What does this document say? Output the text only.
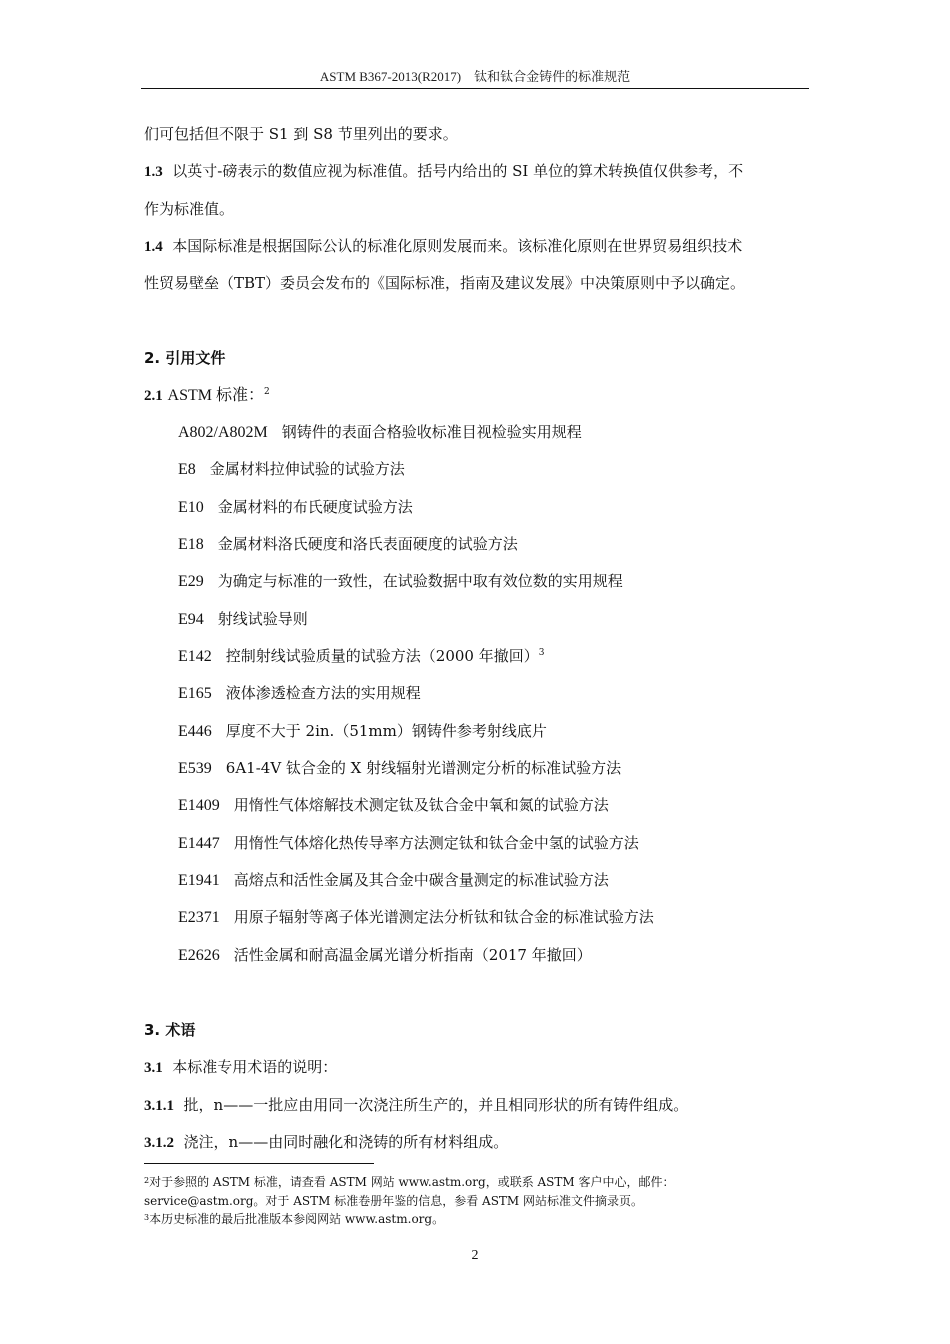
ASTM B367-2013(R2017)　钛和钛合金铸件的标准规范
们可包括但不限于 S1 到 S8 节里列出的要求。
1.3 以英寸-磅表示的数值应视为标准值。括号内给出的 SI 单位的算术转换值仅供参考，不
作为标准值。
1.4 本国际标准是根据国际公认的标准化原则发展而来。该标准化原则在世界贸易组织技术
性贸易壁垒（TBT）委员会发布的《国际标准，指南及建议发展》中决策原则中予以确定。
2. 引用文件
2.1 ASTM 标准：$^2$
A802/A802M 钢铸件的表面合格验收标准目视检验实用规程
E8 金属材料拉伸试验的试验方法
E10 金属材料的布氏硬度试验方法
E18 金属材料洛氏硬度和洛氏表面硬度的试验方法
E29 为确定与标准的一致性，在试验数据中取有效位数的实用规程
E94 射线试验导则
E142 控制射线试验质量的试验方法（2000 年撤回）$^3$
E165 液体渗透检查方法的实用规程
E446 厚度不大于 2in.（51mm）钢铸件参考射线底片
E539 6A1-4V 钛合金的 X 射线辐射光谱测定分析的标准试验方法
E1409 用惰性气体熔解技术测定钛及钛合金中氧和氮的试验方法
E1447 用惰性气体熔化热传导率方法测定钛和钛合金中氢的试验方法
E1941 高熔点和活性金属及其合金中碳含量测定的标准试验方法
E2371 用原子辐射等离子体光谱测定法分析钛和钛合金的标准试验方法
E2626 活性金属和耐高温金属光谱分析指南（2017 年撤回）
3. 术语
3.1 本标准专用术语的说明：
3.1.1 批，n——一批应由用同一次浇注所生产的，并且相同形状的所有铸件组成。
3.1.2 浇注，n——由同时融化和浇铸的所有材料组成。
$^2$对于参照的 ASTM 标准，请查看 ASTM 网站 www.astm.org，或联系 ASTM 客户中心，邮件：
service@astm.org。对于 ASTM 标准卷册年鉴的信息，参看 ASTM 网站标准文件摘录页。
$^3$本历史标准的最后批准版本参阅网站 www.astm.org。
2
